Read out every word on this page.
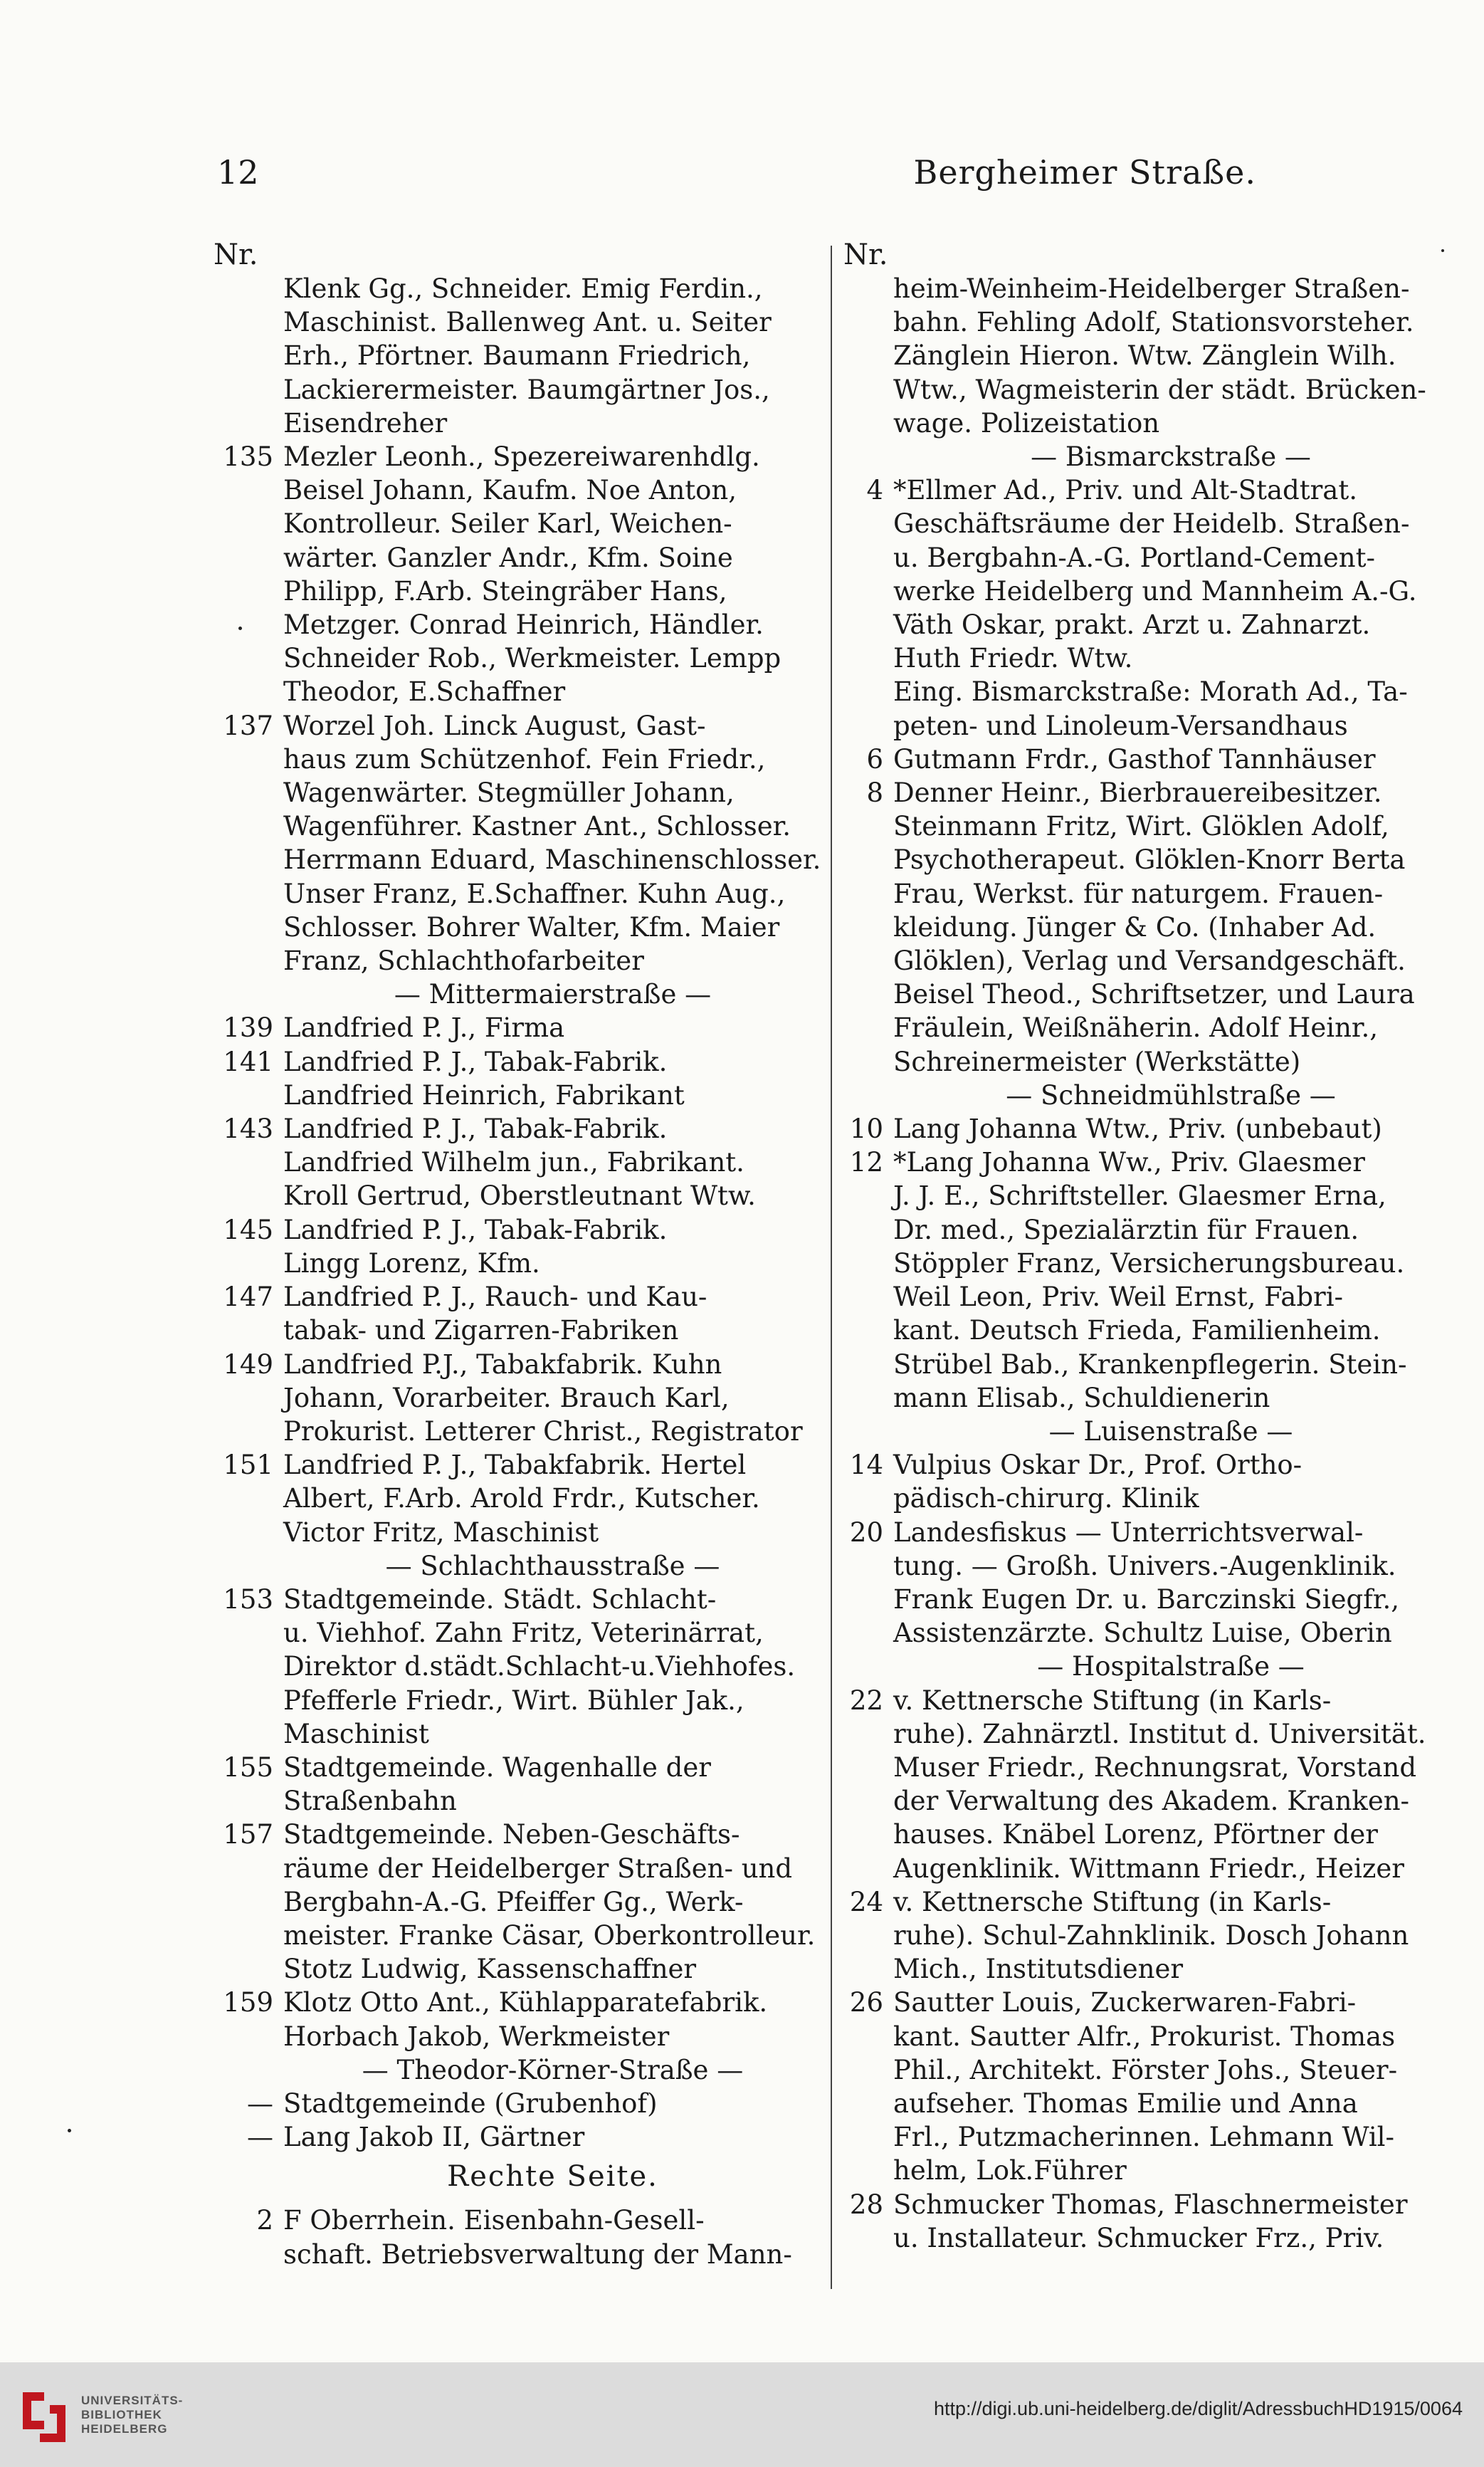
12	Bergheimer Straße.
Nr.
Klenk Gg., Schneider. Emig Ferdin.,
Maschinist. Ballenweg Ant. u. Seiter
Erh., Pförtner. Baumann Friedrich,
Lackierermeister. Baumgärtner Jos.,
Eisendreher
135 Mezler Leonh., Spezereiwarenhdlg.
Beisel Johann, Kaufm. Noe Anton,
Kontrolleur. Seiler Karl, Weichen-
wärter. Ganzler Andr., Kfm. Soine
Philipp, F.Arb. Steingräber Hans,
Metzger. Conrad Heinrich, Händler.
Schneider Rob., Werkmeister. Lempp
Theodor, E.Schaffner
137 Worzel Joh. Linck August, Gast-
haus zum Schützenhof. Fein Friedr.,
Wagenwärter. Stegmüller Johann,
Wagenführer. Kastner Ant., Schlosser.
Herrmann Eduard, Maschinenschlosser.
Unser Franz, E.Schaffner. Kuhn Aug.,
Schlosser. Bohrer Walter, Kfm. Maier
Franz, Schlachthofarbeiter
— Mittermaierstraße —
139 Landfried P. J., Firma
141 Landfried P. J., Tabak-Fabrik.
Landfried Heinrich, Fabrikant
143 Landfried P. J., Tabak-Fabrik.
Landfried Wilhelm jun., Fabrikant.
Kroll Gertrud, Oberstleutnant Wtw.
145 Landfried P. J., Tabak-Fabrik.
Lingg Lorenz, Kfm.
147 Landfried P. J., Rauch- und Kau-
tabak- und Zigarren-Fabriken
149 Landfried P.J., Tabakfabrik. Kuhn
Johann, Vorarbeiter. Brauch Karl,
Prokurist. Letterer Christ., Registrator
151 Landfried P. J., Tabakfabrik. Hertel
Albert, F.Arb. Arold Frdr., Kutscher.
Victor Fritz, Maschinist
— Schlachthausstraße —
153 Stadtgemeinde. Städt. Schlacht-
u. Viehhof. Zahn Fritz, Veterinärrat,
Direktor d.städt.Schlacht-u.Viehhofes.
Pfefferle Friedr., Wirt. Bühler Jak.,
Maschinist
155 Stadtgemeinde. Wagenhalle der
Straßenbahn
157 Stadtgemeinde. Neben-Geschäfts-
räume der Heidelberger Straßen- und
Bergbahn-A.-G. Pfeiffer Gg., Werk-
meister. Franke Cäsar, Oberkontrolleur.
Stotz Ludwig, Kassenschaffner
159 Klotz Otto Ant., Kühlapparatefabrik.
Horbach Jakob, Werkmeister
— Theodor-Körner-Straße —
— Stadtgemeinde (Grubenhof)
— Lang Jakob II, Gärtner
Rechte Seite.
2 F Oberrhein. Eisenbahn-Gesell-
schaft. Betriebsverwaltung der Mann-
Nr.
heim-Weinheim-Heidelberger Straßen-
bahn. Fehling Adolf, Stationsvorsteher.
Zänglein Hieron. Wtw. Zänglein Wilh.
Wtw., Wagmeisterin der städt. Brücken-
wage. Polizeistation
— Bismarckstraße —
4 *Ellmer Ad., Priv. und Alt-Stadtrat.
Geschäftsräume der Heidelb. Straßen-
u. Bergbahn-A.-G. Portland-Cement-
werke Heidelberg und Mannheim A.-G.
Väth Oskar, prakt. Arzt u. Zahnarzt.
Huth Friedr. Wtw.
Eing. Bismarckstraße: Morath Ad., Ta-
peten- und Linoleum-Versandhaus
6 Gutmann Frdr., Gasthof Tannhäuser
8 Denner Heinr., Bierbrauereibesitzer.
Steinmann Fritz, Wirt. Glöklen Adolf,
Psychotherapeut. Glöklen-Knorr Berta
Frau, Werkst. für naturgem. Frauen-
kleidung. Jünger & Co. (Inhaber Ad.
Glöklen), Verlag und Versandgeschäft.
Beisel Theod., Schriftsetzer, und Laura
Fräulein, Weißnäherin. Adolf Heinr.,
Schreinermeister (Werkstätte)
— Schneidmühlstraße —
10 Lang Johanna Wtw., Priv. (unbebaut)
12 *Lang Johanna Ww., Priv. Glaesmer
J. J. E., Schriftsteller. Glaesmer Erna,
Dr. med., Spezialärztin für Frauen.
Stöppler Franz, Versicherungsbureau.
Weil Leon, Priv. Weil Ernst, Fabri-
kant. Deutsch Frieda, Familienheim.
Strübel Bab., Krankenpflegerin. Stein-
mann Elisab., Schuldienerin
— Luisenstraße —
14 Vulpius Oskar Dr., Prof. Ortho-
pädisch-chirurg. Klinik
20 Landesfiskus — Unterrichtsverwal-
tung. — Großh. Univers.-Augenklinik.
Frank Eugen Dr. u. Barczinski Siegfr.,
Assistenzärzte. Schultz Luise, Oberin
— Hospitalstraße —
22 v. Kettnersche Stiftung (in Karls-
ruhe). Zahnärztl. Institut d. Universität.
Muser Friedr., Rechnungsrat, Vorstand
der Verwaltung des Akadem. Kranken-
hauses. Knäbel Lorenz, Pförtner der
Augenklinik. Wittmann Friedr., Heizer
24 v. Kettnersche Stiftung (in Karls-
ruhe). Schul-Zahnklinik. Dosch Johann
Mich., Institutsdiener
26 Sautter Louis, Zuckerwaren-Fabri-
kant. Sautter Alfr., Prokurist. Thomas
Phil., Architekt. Förster Johs., Steuer-
aufseher. Thomas Emilie und Anna
Frl., Putzmacherinnen. Lehmann Wil-
helm, Lok.Führer
28 Schmucker Thomas, Flaschnermeister
u. Installateur. Schmucker Frz., Priv.
UNIVERSITÄTS-
BIBLIOTHEK
HEIDELBERG
http://digi.ub.uni-heidelberg.de/diglit/AdressbuchHD1915/0064
